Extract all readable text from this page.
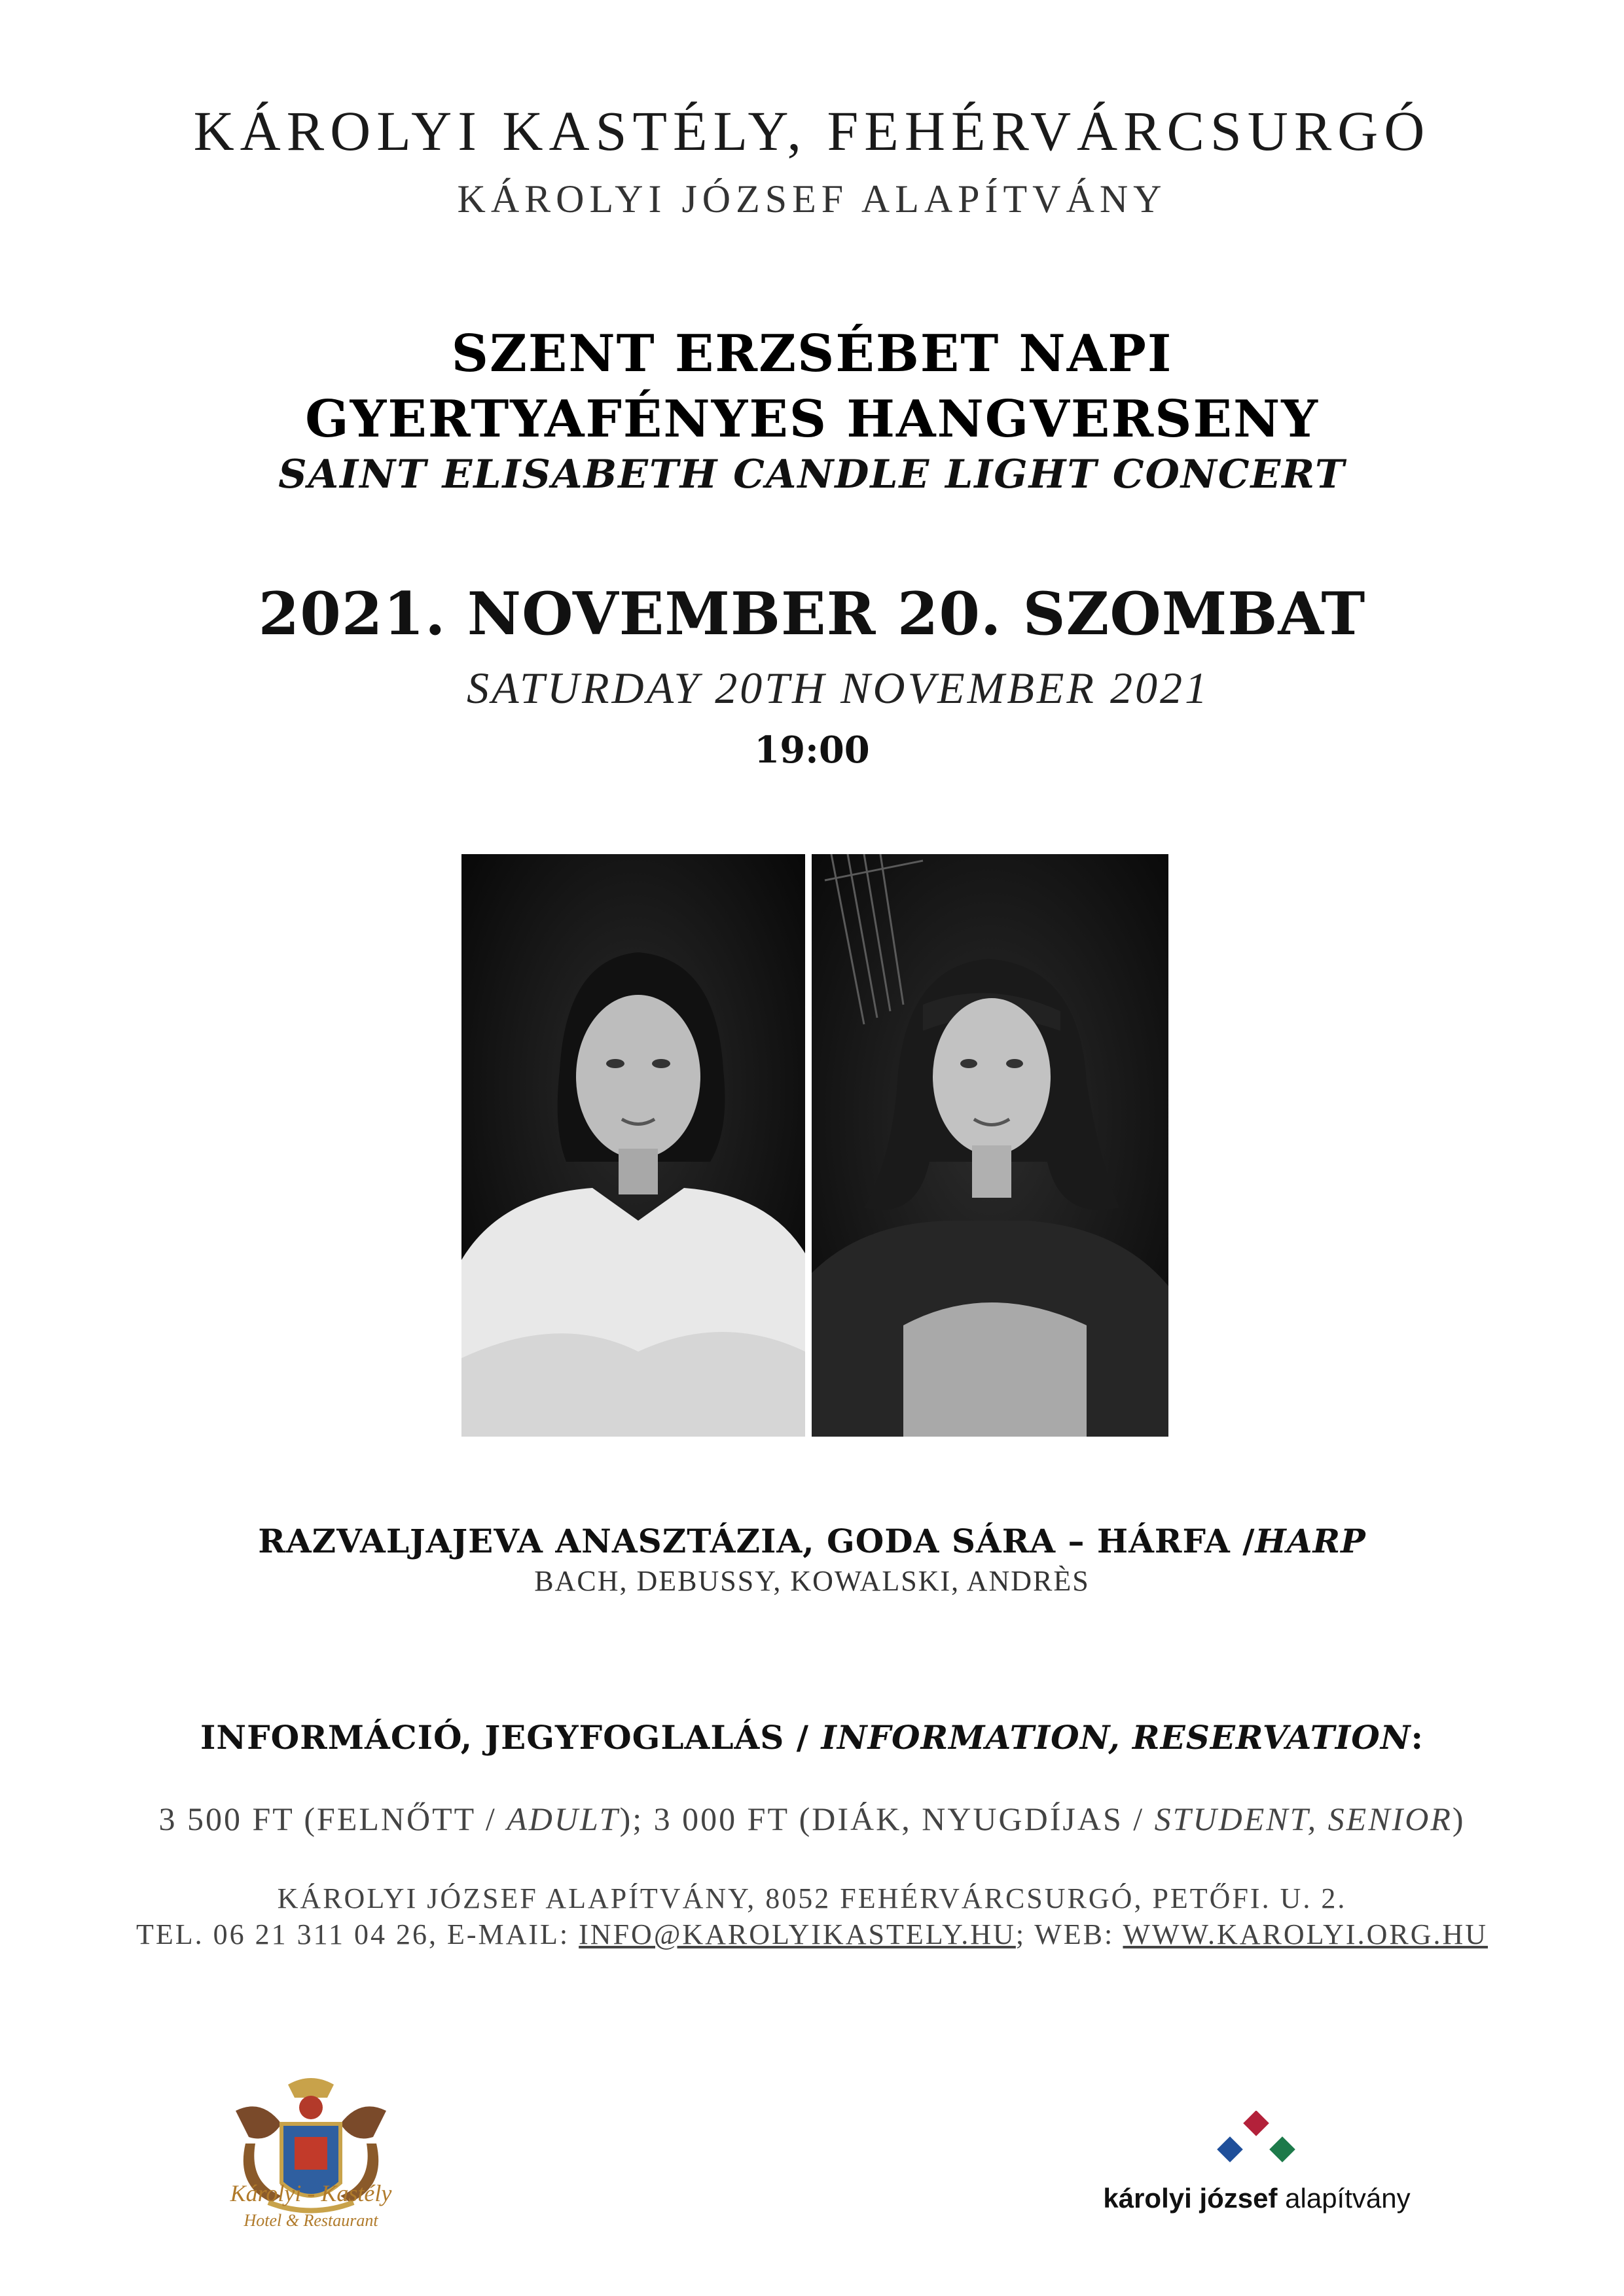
KÁROLYI KASTÉLY, FEHÉRVÁRCSURGÓ
KÁROLYI JÓZSEF ALAPÍTVÁNY
SZENT ERZSÉBET NAPI
GYERTYAFÉNYES HANGVERSENY
SAINT ELISABETH CANDLE LIGHT CONCERT
2021. NOVEMBER 20. SZOMBAT
SATURDAY 20TH NOVEMBER 2021
19:00
RAZVALJAJEVA ANASZTÁZIA, GODA SÁRA – HÁRFA /HARP
BACH, DEBUSSY, KOWALSKI, ANDRÈS
INFORMÁCIÓ, JEGYFOGLALÁS / INFORMATION, RESERVATION:
3 500 FT (FELNŐTT / ADULT); 3 000 FT (DIÁK, NYUGDÍJAS / STUDENT, SENIOR)
KÁROLYI JÓZSEF ALAPÍTVÁNY, 8052 FEHÉRVÁRCSURGÓ, PETŐFI. U. 2.
TEL. 06 21 311 04 26, E-MAIL: INFO@KAROLYIKASTELY.HU; WEB: WWW.KAROLYI.ORG.HU
Károlyi - Kastély
Hotel & Restaurant
károlyi józsef alapítvány
